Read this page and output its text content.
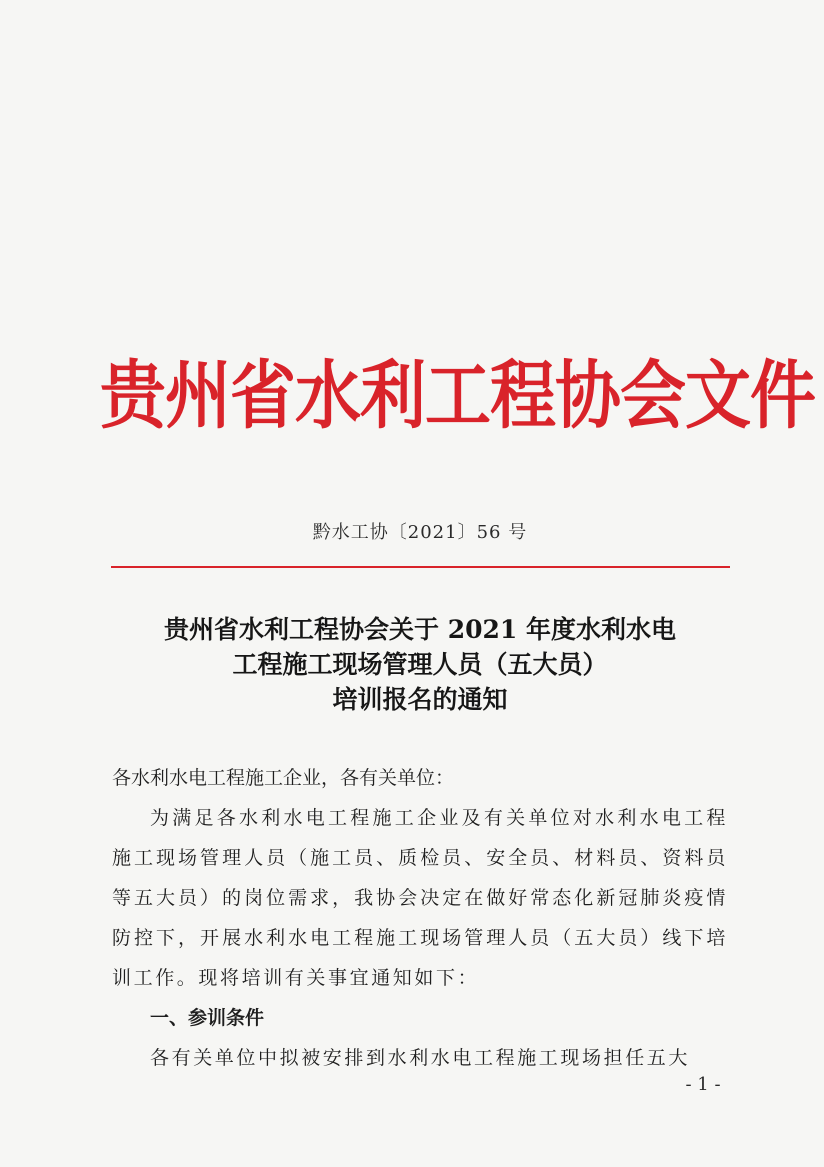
贵州省水利工程协会文件
黔水工协〔2021〕56 号
贵州省水利工程协会关于 2021 年度水利水电
工程施工现场管理人员（五大员）
培训报名的通知

各水利水电工程施工企业，各有关单位：

为满足各水利水电工程施工企业及有关单位对水利水电工程施工现场管理人员（施工员、质检员、安全员、材料员、资料员等五大员）的岗位需求，我协会决定在做好常态化新冠肺炎疫情防控下，开展水利水电工程施工现场管理人员（五大员）线下培训工作。现将培训有关事宜通知如下：

一、参训条件

各有关单位中拟被安排到水利水电工程施工现场担任五大

- 1 -
